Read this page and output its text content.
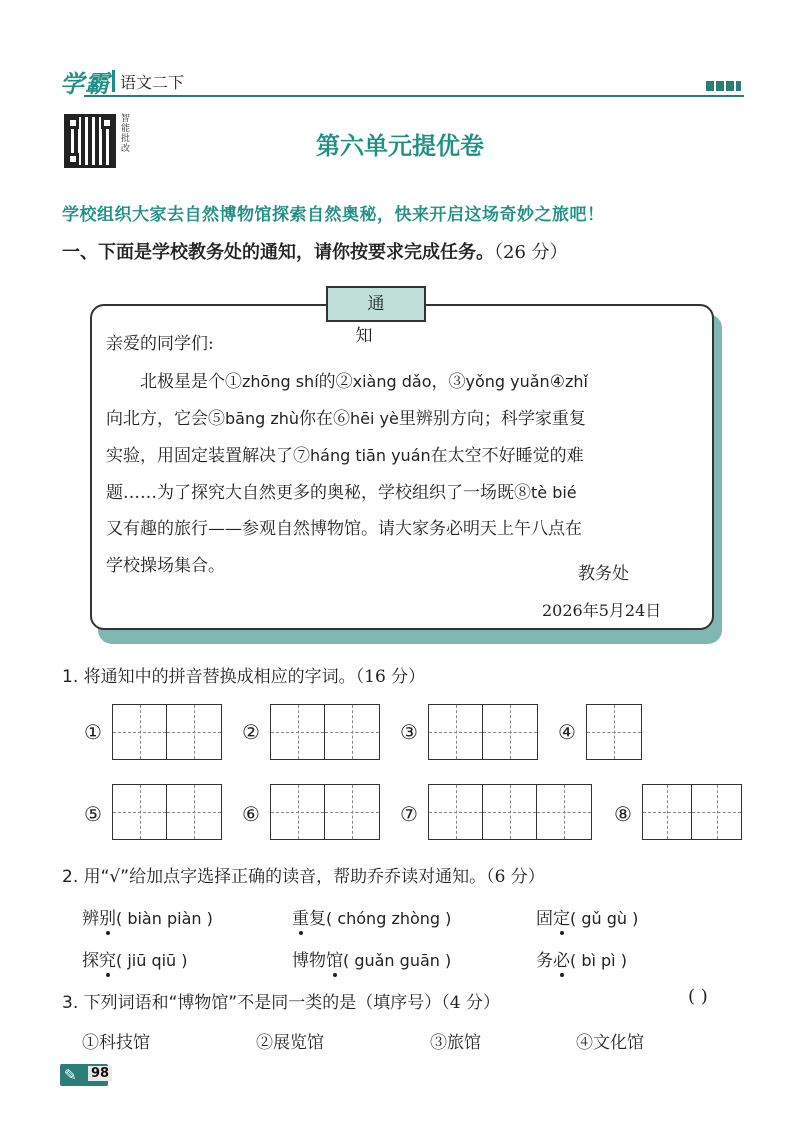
学霸 语文二下
智能批改	第六单元提优卷
学校组织大家去自然博物馆探索自然奥秘，快来开启这场奇妙之旅吧！
一、下面是学校教务处的通知，请你按要求完成任务。（26 分）
通知
亲爱的同学们:
北极星是个①zhōng shí的②xiàng dǎo，③yǒng yuǎn④zhǐ
向北方，它会⑤bāng zhù你在⑥hēi yè里辨别方向；科学家重复
实验，用固定装置解决了⑦háng tiān yuán在太空不好睡觉的难
题……为了探究大自然更多的奥秘，学校组织了一场既⑧tè bié
又有趣的旅行——参观自然博物馆。请大家务必明天上午八点在
学校操场集合。	教务处
2026年5月24日
1. 将通知中的拼音替换成相应的字词。（16 分）
①	②	③	④
⑤	⑥	⑦	⑧
2. 用“√”给加点字选择正确的读音，帮助乔乔读对通知。（6 分）
辨别( biàn piàn )	重复( chóng zhòng )	固定( gǔ gù )
探究( jiū qiū )	博物馆( guǎn guān )	务必( bì pì )
3. 下列词语和“博物馆”不是同一类的是（填序号）（4 分）	( )
①科技馆	②展览馆	③旅馆	④文化馆
✎ 98
